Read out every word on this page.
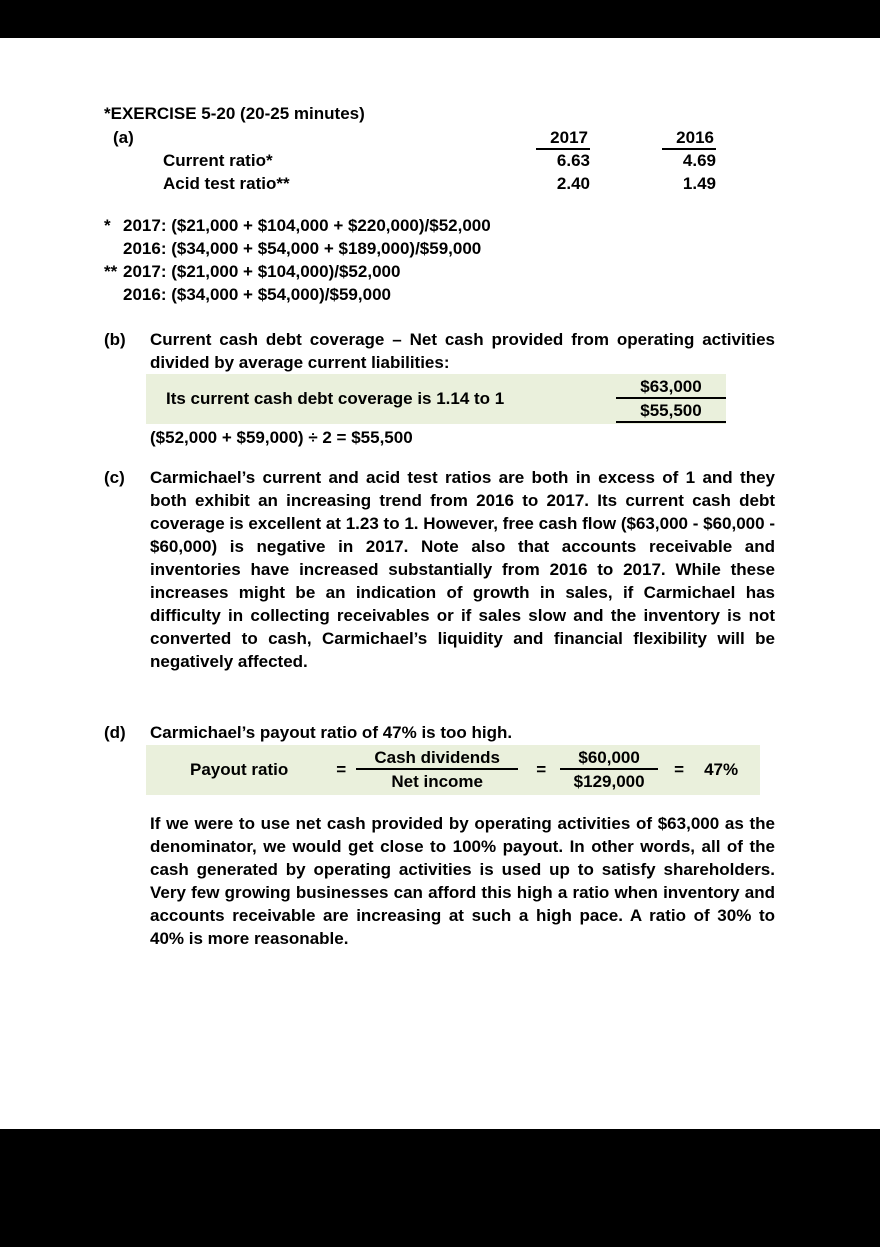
*EXERCISE 5-20 (20-25 minutes)
(a)	2017	2016
Current ratio*	6.63	4.69
Acid test ratio**	2.40	1.49
* 2017: ($21,000 + $104,000 + $220,000)/$52,000
2016: ($34,000 + $54,000 + $189,000)/$59,000
** 2017: ($21,000 + $104,000)/$52,000
2016: ($34,000 + $54,000)/$59,000
(b)	Current cash debt coverage – Net cash provided from operating activities divided by average current liabilities:
Its current cash debt coverage is 1.14 to 1	$\frac{\$63,000}{\$55,500}$
($52,000 + $59,000) ÷ 2 = $55,500
(c)	Carmichael’s current and acid test ratios are both in excess of 1 and they both exhibit an increasing trend from 2016 to 2017. Its current cash debt coverage is excellent at 1.23 to 1. However, free cash flow ($63,000 - $60,000 - $60,000) is negative in 2017. Note also that accounts receivable and inventories have increased substantially from 2016 to 2017. While these increases might be an indication of growth in sales, if Carmichael has difficulty in collecting receivables or if sales slow and the inventory is not converted to cash, Carmichael’s liquidity and financial flexibility will be negatively affected.
(d)	Carmichael’s payout ratio of 47% is too high.
Payout ratio	= $\frac{\text{Cash dividends}}{\text{Net income}} = \frac{\$60,000}{\$129,000} = 47\%$
If we were to use net cash provided by operating activities of $63,000 as the denominator, we would get close to 100% payout. In other words, all of the cash generated by operating activities is used up to satisfy shareholders. Very few growing businesses can afford this high a ratio when inventory and accounts receivable are increasing at such a high pace. A ratio of 30% to 40% is more reasonable.
